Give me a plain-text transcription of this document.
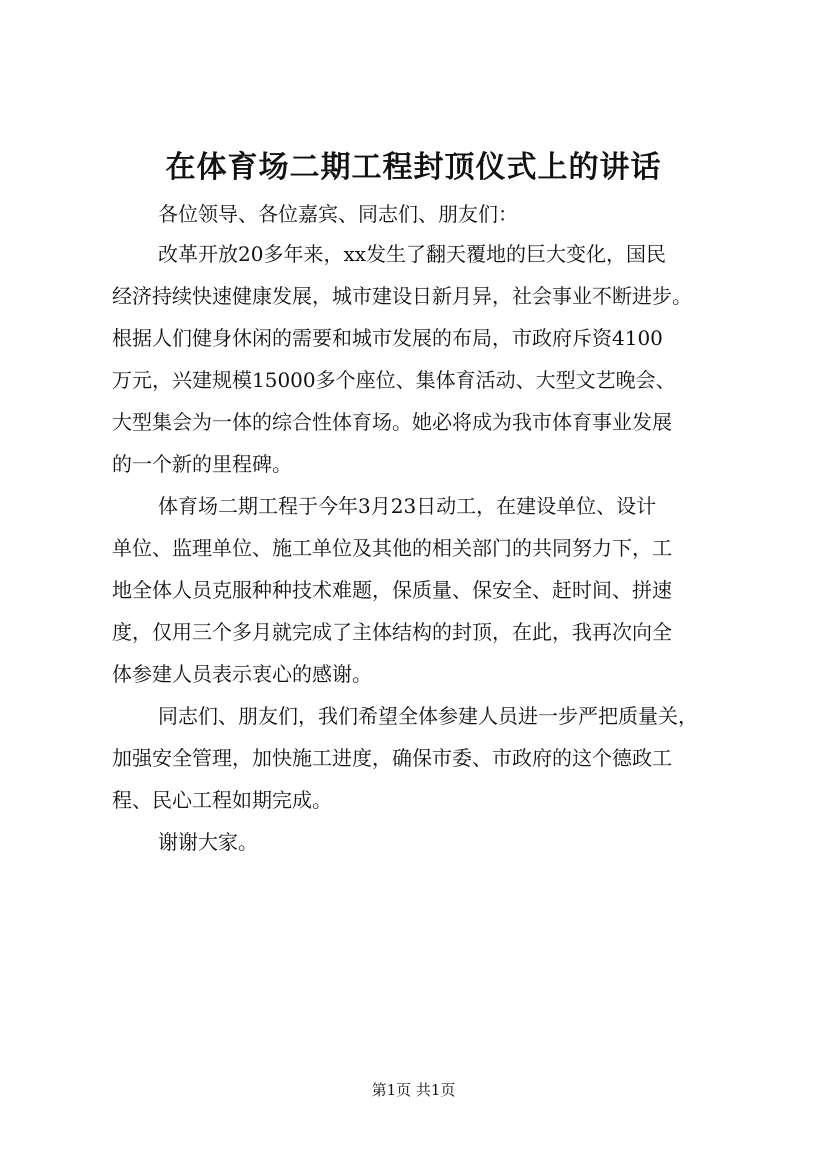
在体育场二期工程封顶仪式上的讲话

各位领导、各位嘉宾、同志们、朋友们：

改革开放20多年来，xx发生了翻天覆地的巨大变化，国民

经济持续快速健康发展，城市建设日新月异，社会事业不断进步。

根据人们健身休闲的需要和城市发展的布局，市政府斥资4100

万元，兴建规模15000多个座位、集体育活动、大型文艺晚会、

大型集会为一体的综合性体育场。她必将成为我市体育事业发展

的一个新的里程碑。

体育场二期工程于今年3月23日动工，在建设单位、设计

单位、监理单位、施工单位及其他的相关部门的共同努力下，工

地全体人员克服种种技术难题，保质量、保安全、赶时间、拼速

度，仅用三个多月就完成了主体结构的封顶，在此，我再次向全

体参建人员表示衷心的感谢。

同志们、朋友们，我们希望全体参建人员进一步严把质量关，

加强安全管理，加快施工进度，确保市委、市政府的这个德政工

程、民心工程如期完成。

谢谢大家。

第1页 共1页
